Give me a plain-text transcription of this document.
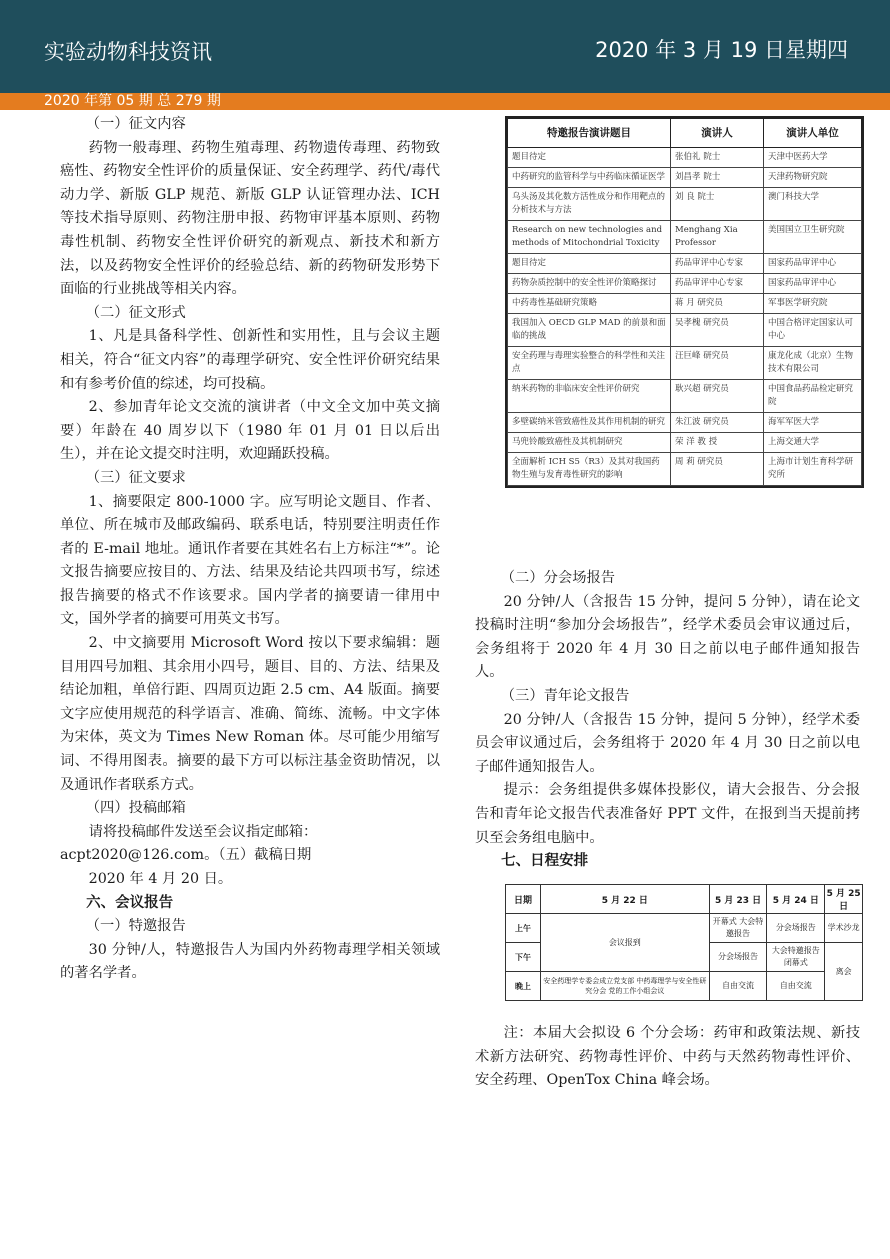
实验动物科技资讯	2020 年 3 月 19 日星期四
2020 年第 05 期 总 279 期

（一）征文内容

药物一般毒理、药物生殖毒理、药物遗传毒理、药物致癌性、药物安全性评价的质量保证、安全药理学、药代/毒代动力学、新版 GLP 规范、新版 GLP 认证管理办法、ICH 等技术指导原则、药物注册申报、药物审评基本原则、药物毒性机制、药物安全性评价研究的新观点、新技术和新方法，以及药物安全性评价的经验总结、新的药物研发形势下面临的行业挑战等相关内容。

（二）征文形式

1、凡是具备科学性、创新性和实用性，且与会议主题相关，符合“征文内容”的毒理学研究、安全性评价研究结果和有参考价值的综述，均可投稿。

2、参加青年论文交流的演讲者（中文全文加中英文摘要）年龄在 40 周岁以下（1980 年 01 月 01 日以后出生），并在论文提交时注明，欢迎踊跃投稿。

（三）征文要求

1、摘要限定 800-1000 字。应写明论文题目、作者、单位、所在城市及邮政编码、联系电话，特别要注明责任作者的 E-mail 地址。通讯作者要在其姓名右上方标注“*”。论文报告摘要应按目的、方法、结果及结论共四项书写，综述报告摘要的格式不作该要求。国内学者的摘要请一律用中文，国外学者的摘要可用英文书写。

2、中文摘要用 Microsoft Word 按以下要求编辑：题目用四号加粗、其余用小四号，题目、目的、方法、结果及结论加粗，单倍行距、四周页边距 2.5 cm、A4 版面。摘要文字应使用规范的科学语言、准确、简练、流畅。中文字体为宋体，英文为 Times New Roman 体。尽可能少用缩写词、不得用图表。摘要的最下方可以标注基金资助情况，以及通讯作者联系方式。

（四）投稿邮箱

请将投稿邮件发送至会议指定邮箱：

acpt2020@126.com。（五）截稿日期

2020 年 4 月 20 日。

六、会议报告

（一）特邀报告

30 分钟/人，特邀报告人为国内外药物毒理学相关领域的著名学者。

特邀报告演讲题目	演讲人	演讲人单位
题目待定	张伯礼 院士	天津中医药大学
中药研究的监管科学与中药临床循证医学	刘昌孝 院士	天津药物研究院
乌头汤及其化数方活性成分和作用靶点的分析技术与方法	刘 良 院士	澳门科技大学
Research on new technologies and methods of Mitochondrial Toxicity	Menghang Xia Professor	美国国立卫生研究院
题目待定	药品审评中心专家	国家药品审评中心
药物杂质控制中的安全性评价策略探讨	药品审评中心专家	国家药品审评中心
中药毒性基础研究策略	蒋 月 研究员	军事医学研究院
我国加入 OECD GLP MAD 的前景和面临的挑战	吴孝槐 研究员	中国合格评定国家认可中心
安全药理与毒理实验整合的科学性和关注点	汪巨峰 研究员	康龙化成（北京）生物技术有限公司
纳米药物的非临床安全性评价研究	耿兴超 研究员	中国食品药品检定研究院
多壁碳纳米管致癌性及其作用机制的研究	朱江波 研究员	海军军医大学
马兜铃酸致癌性及其机制研究	荣 洋 教 授	上海交通大学
全面解析 ICH S5（R3）及其对我国药物生殖与发育毒性研究的影响	周 莉 研究员	上海市计划生育科学研究所

（二）分会场报告

20 分钟/人（含报告 15 分钟，提问 5 分钟），请在论文投稿时注明“参加分会场报告”，经学术委员会审议通过后，会务组将于 2020 年 4 月 30 日之前以电子邮件通知报告人。

（三）青年论文报告

20 分钟/人（含报告 15 分钟，提问 5 分钟），经学术委员会审议通过后，会务组将于 2020 年 4 月 30 日之前以电子邮件通知报告人。

提示：会务组提供多媒体投影仪，请大会报告、分会报告和青年论文报告代表准备好 PPT 文件，在报到当天提前拷贝至会务组电脑中。

七、日程安排
日期	5 月 22 日	5 月 23 日	5 月 24 日	5 月 25 日
上午	会议报到	开幕式 大会特邀报告	分会场报告	学术沙龙
下午		分会场报告	大会特邀报告 闭幕式	离会
晚上	安全药理学专委会成立党支部 中药毒理学与安全性研究分会 党的工作小组会议	自由交流	自由交流	

注：本届大会拟设 6 个分会场：药审和政策法规、新技术新方法研究、药物毒性评价、中药与天然药物毒性评价、安全药理、OpenTox China 峰会场。
